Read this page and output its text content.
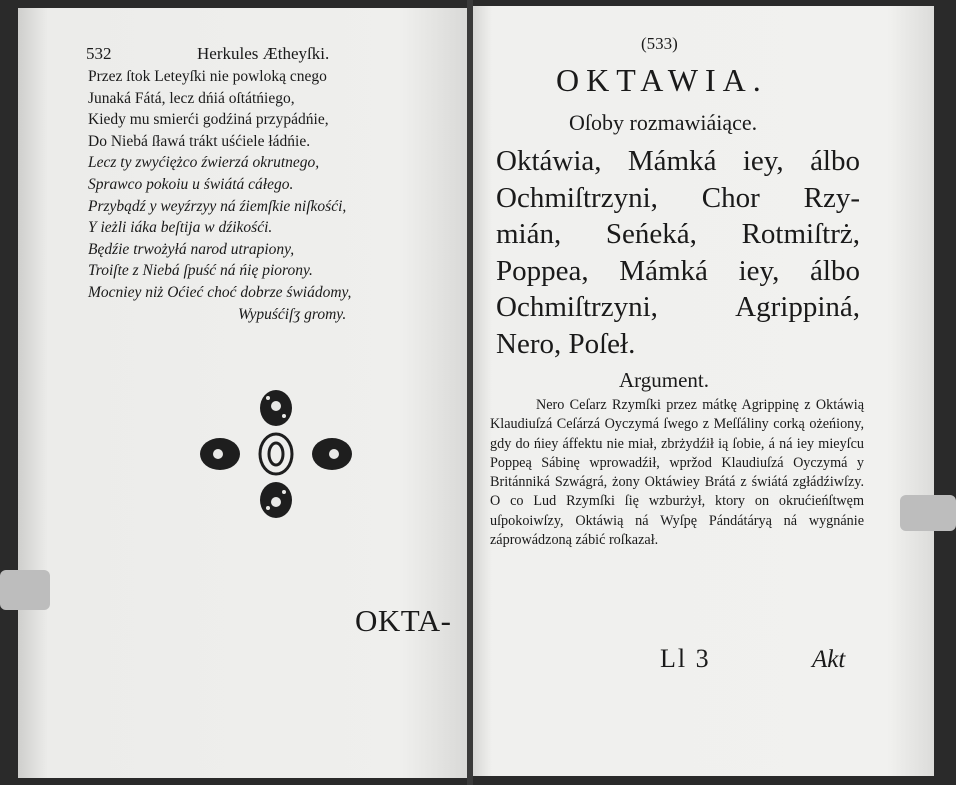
532	Herkules Ætheyſki.
Przez ſtok Leteyſki nie powloką cnego
Junaká Fátá, lecz dńiá oſtátńiego,
Kiedy mu smierći godźiná przypádńie,
Do Niebá ſławá trákt uśćiele łádńie.
Lecz ty zwyćiężco źwierzá okrutnego,
Sprawco pokoiu u świátá cáłego.
Przybądź y weyźrzyy ná źiemſkie niſkośći,
Y ieżli iáka beſtija w dźikośći.
Będźie trwożyłá narod utrapiony,
Troiſte z Niebá ſpuść ná ńię piorony.
Mocniey niż Oćieć choć dobrze świádomy,
Wypuśćiſʒ gromy.
OKTA-
(533)
OKTAWIA.
Oſoby rozmawiáiące.
Oktáwia, Mámká iey, álbo
Ochmiſtrzyni, Chor Rzy-
mián, Seńeká, Rotmiſtrż,
Poppea, Mámká iey, álbo
Ochmiſtrzyni,	Agrippiná,
Nero, Poſeł.
Argument.
Nero Ceſarz Rzymſki przez mátkę Agrippinę z Oktáwią Klaudiuſzá Ceſárzá Oyczymá ſwego z Meſſáliny corką ożeńiony, gdy do ńiey áffektu nie miał, zbrżydźił ią ſobie, á ná iey mieyſcu Poppeą Sábinę wprowadźił, wpržod Klaudiuſzá Oyczymá y Británniká Szwágrá, żony Oktáwiey Brátá z świátá zgłádźiwſzy. O co Lud Rzymſki ſię wzburżył, ktory on okrućieńſtwęm uſpokoiwſzy, Oktáwią ná Wyſpę Pándátáryą ná wygnánie záprowádzoną zábić roſkazał.
Ll 3	Akt
